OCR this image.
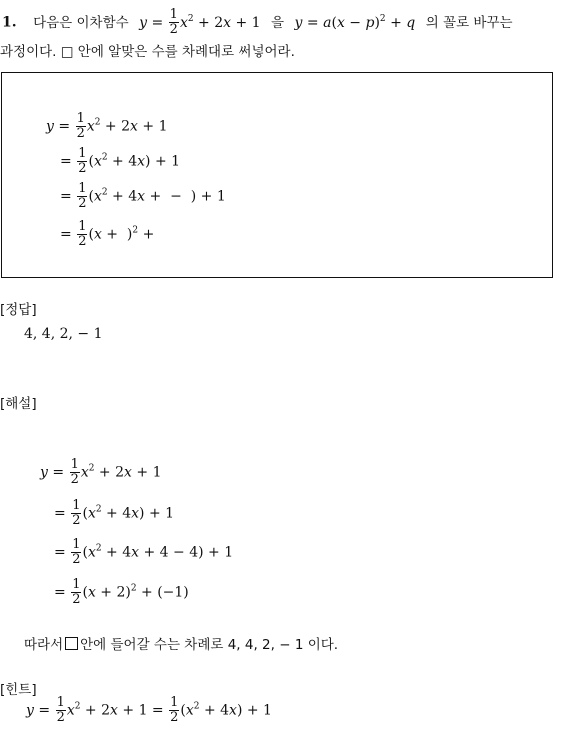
1. 다음은 이차함수 $y = \frac{1}{2} x^2 + 2x + 1$ 을 $y = a(x - p)^2 + q$ 의 꼴로 바꾸는
과정이다. □ 안에 알맞은 수를 차례대로 써넣어라.
$y = \frac{1}{2} x^2 + 2x + 1$
= $\frac{1}{2} (x^2 + 4x) + 1$
= $\frac{1}{2} (x^2 + 4x$ +  −  ) + 1
= $\frac{1}{2} (x + )^2$ +
[정답]
4, 4, 2, − 1
[해설]
$y = \frac{1}{2} x^2 + 2x + 1$
= $\frac{1}{2} (x^2 + 4x) + 1$
= $\frac{1}{2} (x^2 + 4x + 4 - 4) + 1$
= $\frac{1}{2} (x + 2)^2 + (-1)$
따라서 안에 들어갈 수는 차례로 4, 4, 2, − 1 이다.
[힌트]
$y = \frac{1}{2} x^2 + 2x + 1 = \frac{1}{2} (x^2 + 4x) + 1$
